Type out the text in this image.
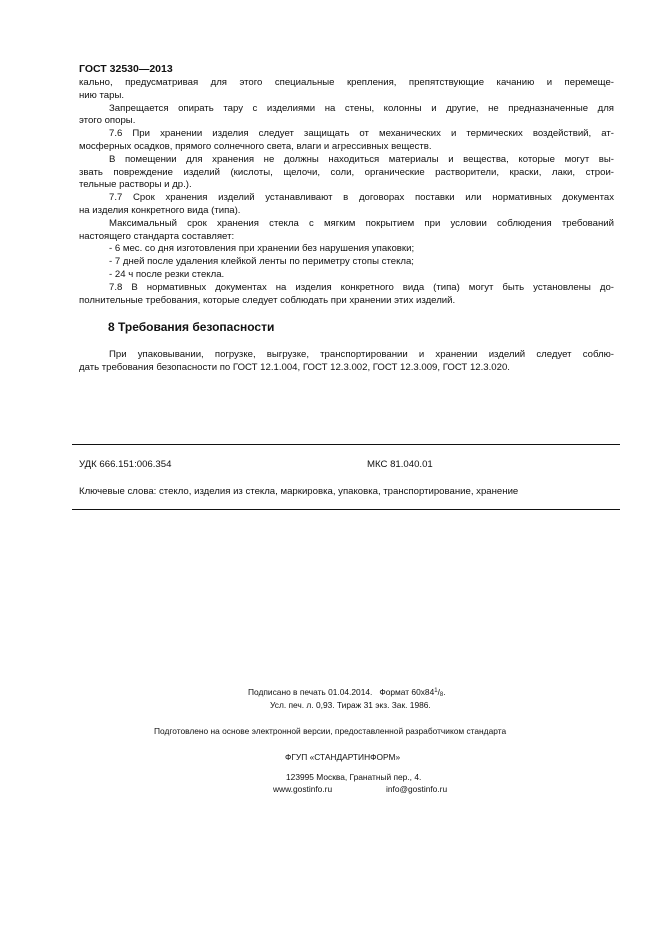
ГОСТ 32530—2013

кально, предусматривая для этого специальные крепления, препятствующие качанию и перемеще-

нию тары.

Запрещается опирать тару с изделиями на стены, колонны и другие, не предназначенные для

этого опоры.

7.6 При хранении изделия следует защищать от механических и термических воздействий, ат-

мосферных осадков, прямого солнечного света, влаги и агрессивных веществ.

В помещении для хранения не должны находиться материалы и вещества, которые могут вы-

звать повреждение изделий (кислоты, щелочи, соли, органические растворители, краски, лаки, строи-

тельные растворы и др.).

7.7 Срок хранения изделий устанавливают в договорах поставки или нормативных документах

на изделия конкретного вида (типа).

Максимальный срок хранения стекла с мягким покрытием при условии соблюдения требований

настоящего стандарта составляет:

- 6 мес. со дня изготовления при хранении без нарушения упаковки;

- 7 дней после удаления клейкой ленты по периметру стопы стекла;

- 24 ч после резки стекла.

7.8 В нормативных документах на изделия конкретного вида (типа) могут быть установлены до-

полнительные требования, которые следует соблюдать при хранении этих изделий.

8 Требования безопасности

При упаковывании, погрузке, выгрузке, транспортировании и хранении изделий следует соблю-

дать требования безопасности по ГОСТ 12.1.004, ГОСТ 12.3.002, ГОСТ 12.3.009, ГОСТ 12.3.020.

УДК 666.151:006.354	МКС 81.040.01
Ключевые слова: стекло, изделия из стекла, маркировка, упаковка, транспортирование, хранение
Подписано в печать 01.04.2014. Формат $60х84^1/_8$.
Усл. печ. л. 0,93. Тираж 31 экз. Зак. 1986.
Подготовлено на основе электронной версии, предоставленной разработчиком стандарта
ФГУП «СТАНДАРТИНФОРМ»
123995 Москва, Гранатный пер., 4.
www.gostinfo.ru	info@gostinfo.ru
